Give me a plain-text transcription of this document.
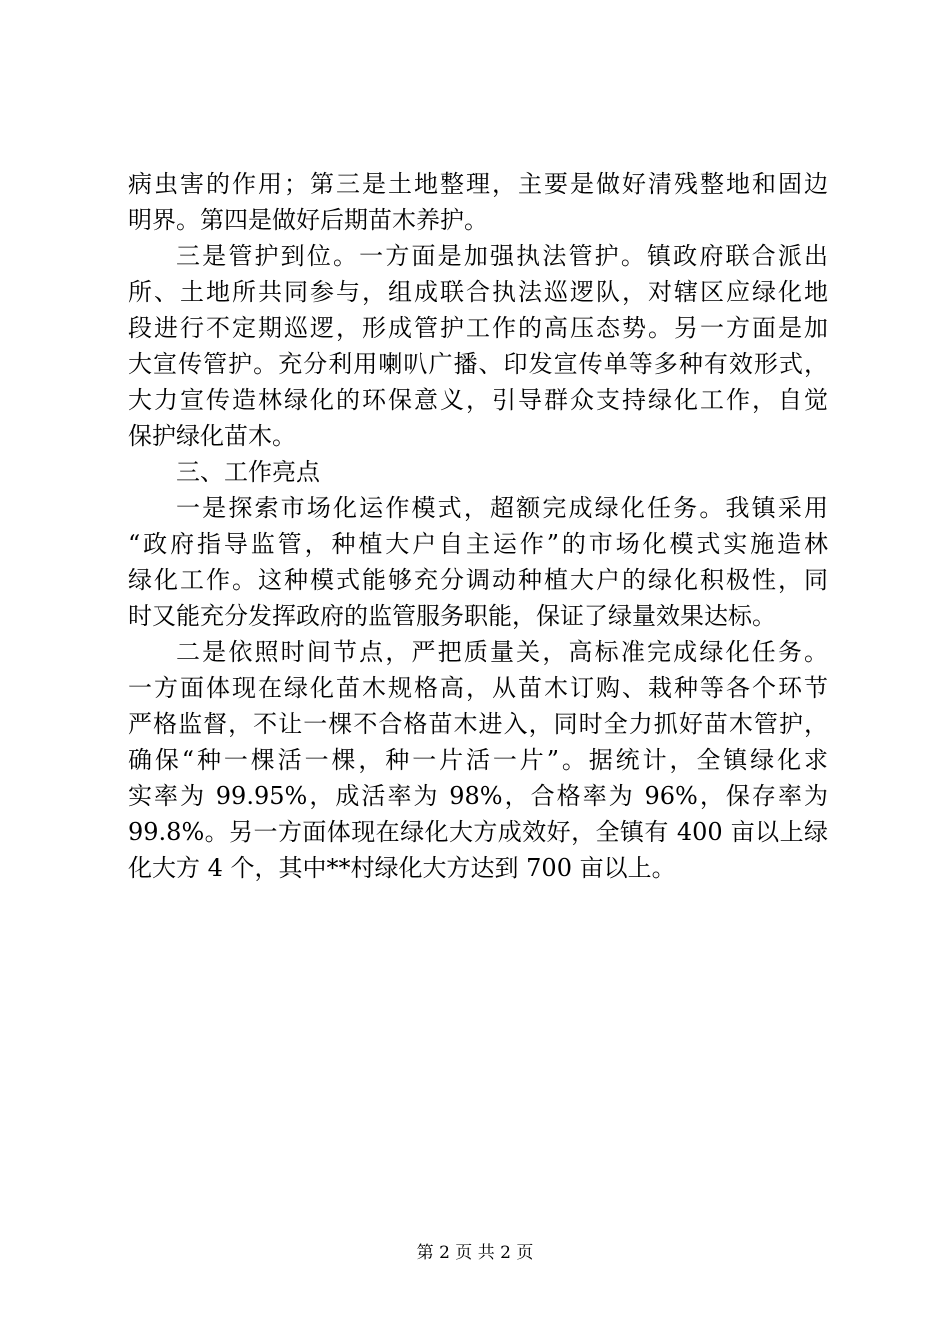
病虫害的作用；第三是土地整理，主要是做好清残整地和固边
明界。第四是做好后期苗木养护。
三是管护到位。一方面是加强执法管护。镇政府联合派出
所、土地所共同参与，组成联合执法巡逻队，对辖区应绿化地
段进行不定期巡逻，形成管护工作的高压态势。另一方面是加
大宣传管护。充分利用喇叭广播、印发宣传单等多种有效形式，
大力宣传造林绿化的环保意义，引导群众支持绿化工作，自觉
保护绿化苗木。
三、工作亮点
一是探索市场化运作模式，超额完成绿化任务。我镇采用
“政府指导监管，种植大户自主运作”的市场化模式实施造林
绿化工作。这种模式能够充分调动种植大户的绿化积极性，同
时又能充分发挥政府的监管服务职能，保证了绿量效果达标。
二是依照时间节点，严把质量关，高标准完成绿化任务。
一方面体现在绿化苗木规格高，从苗木订购、栽种等各个环节
严格监督，不让一棵不合格苗木进入，同时全力抓好苗木管护，
确保“种一棵活一棵，种一片活一片”。据统计，全镇绿化求
实率为 99.95%，成活率为 98%，合格率为 96%，保存率为
99.8%。另一方面体现在绿化大方成效好，全镇有 400 亩以上绿
化大方 4 个，其中**村绿化大方达到 700 亩以上。
第 2 页 共 2 页
